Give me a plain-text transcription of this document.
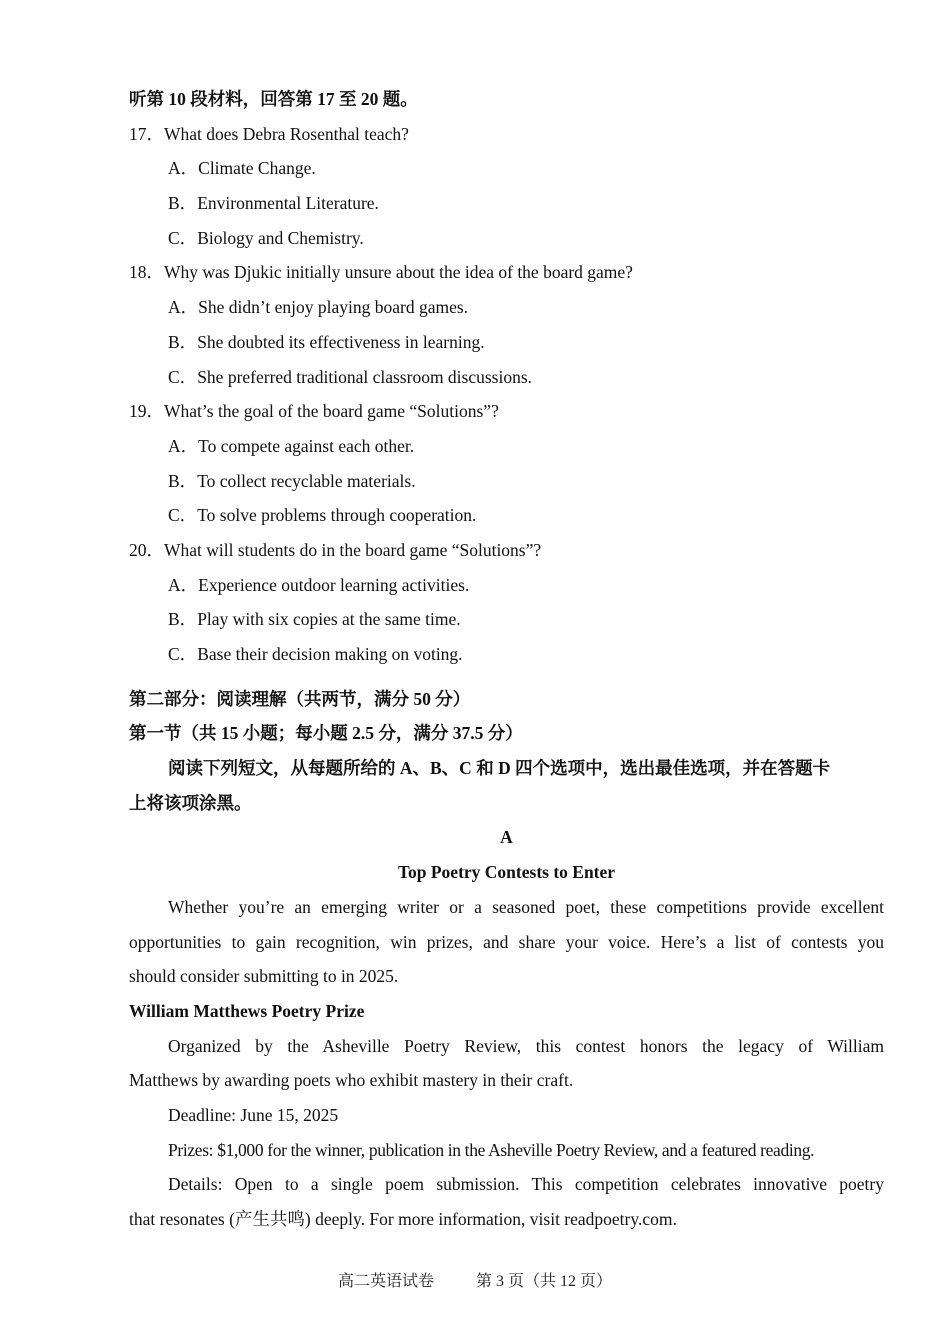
听第 10 段材料，回答第 17 至 20 题。
17．What does Debra Rosenthal teach?
A．Climate Change.
B．Environmental Literature.
C．Biology and Chemistry.
18．Why was Djukic initially unsure about the idea of the board game?
A．She didn’t enjoy playing board games.
B．She doubted its effectiveness in learning.
C．She preferred traditional classroom discussions.
19．What’s the goal of the board game “Solutions”?
A．To compete against each other.
B．To collect recyclable materials.
C．To solve problems through cooperation.
20．What will students do in the board game “Solutions”?
A．Experience outdoor learning activities.
B．Play with six copies at the same time.
C．Base their decision making on voting.
第二部分：阅读理解（共两节，满分 50 分）
第一节（共 15 小题；每小题 2.5 分，满分 37.5 分）
阅读下列短文，从每题所给的 A、B、C 和 D 四个选项中，选出最佳选项，并在答题卡
上将该项涂黑。
A
Top Poetry Contests to Enter
Whether you’re an emerging writer or a seasoned poet, these competitions provide excellent
opportunities to gain recognition, win prizes, and share your voice. Here’s a list of contests you
should consider submitting to in 2025.
William Matthews Poetry Prize
Organized by the Asheville Poetry Review, this contest honors the legacy of William
Matthews by awarding poets who exhibit mastery in their craft.
Deadline: June 15, 2025
Prizes: $1,000 for the winner, publication in the Asheville Poetry Review, and a featured reading.
Details: Open to a single poem submission. This competition celebrates innovative poetry
that resonates (产生共鸣) deeply. For more information, visit readpoetry.com.
高二英语试卷	第 3 页（共 12 页）
